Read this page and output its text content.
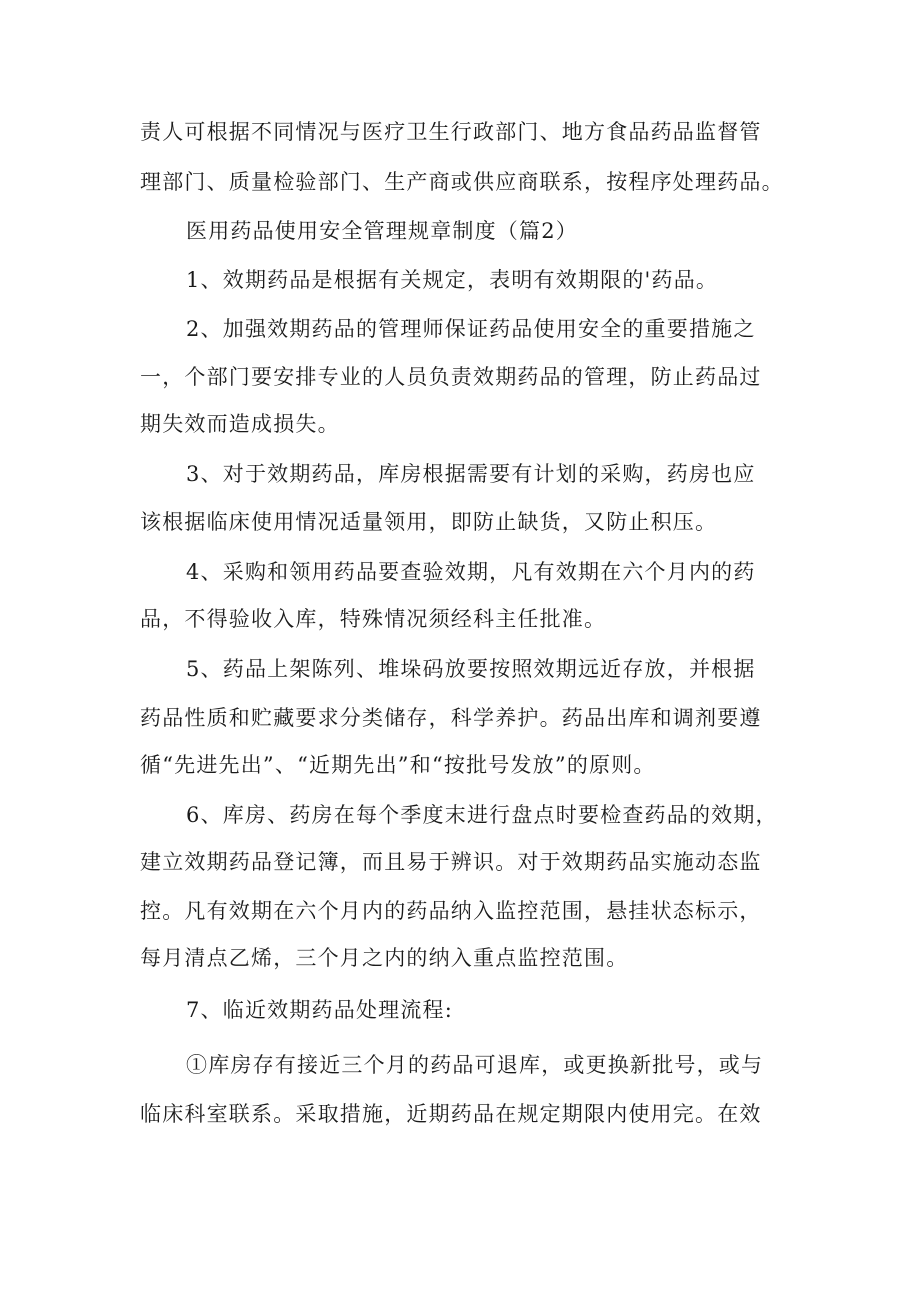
责人可根据不同情况与医疗卫生行政部门、地方食品药品监督管
理部门、质量检验部门、生产商或供应商联系，按程序处理药品。
医用药品使用安全管理规章制度（篇2）
1、效期药品是根据有关规定，表明有效期限的'药品。
2、加强效期药品的管理师保证药品使用安全的重要措施之
一，个部门要安排专业的人员负责效期药品的管理，防止药品过
期失效而造成损失。
3、对于效期药品，库房根据需要有计划的采购，药房也应
该根据临床使用情况适量领用，即防止缺货，又防止积压。
4、采购和领用药品要查验效期，凡有效期在六个月内的药
品，不得验收入库，特殊情况须经科主任批准。
5、药品上架陈列、堆垛码放要按照效期远近存放，并根据
药品性质和贮藏要求分类储存，科学养护。药品出库和调剂要遵
循“先进先出”、“近期先出”和“按批号发放”的原则。
6、库房、药房在每个季度末进行盘点时要检查药品的效期，
建立效期药品登记簿，而且易于辨识。对于效期药品实施动态监
控。凡有效期在六个月内的药品纳入监控范围，悬挂状态标示，
每月清点乙烯，三个月之内的纳入重点监控范围。
7、临近效期药品处理流程:
①库房存有接近三个月的药品可退库，或更换新批号，或与
临床科室联系。采取措施，近期药品在规定期限内使用完。在效
